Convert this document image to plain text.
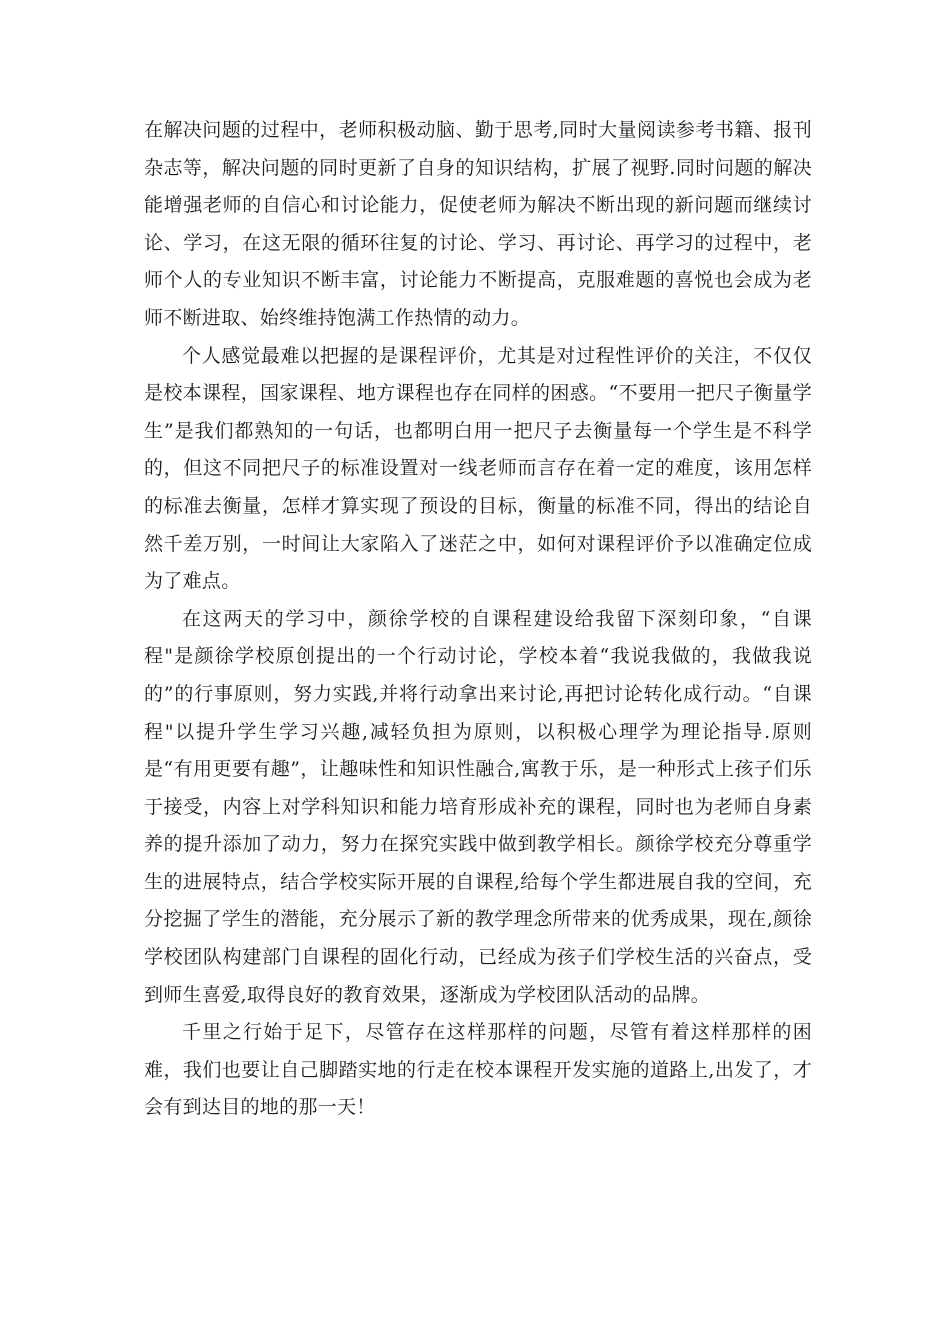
在解决问题的过程中，老师积极动脑、勤于思考,同时大量阅读参考书籍、报刊杂志等，解决问题的同时更新了自身的知识结构，扩展了视野.同时问题的解决能增强老师的自信心和讨论能力，促使老师为解决不断出现的新问题而继续讨论、学习，在这无限的循环往复的讨论、学习、再讨论、再学习的过程中，老师个人的专业知识不断丰富，讨论能力不断提高，克服难题的喜悦也会成为老师不断进取、始终维持饱满工作热情的动力。

个人感觉最难以把握的是课程评价，尤其是对过程性评价的关注，不仅仅是校本课程，国家课程、地方课程也存在同样的困惑。“不要用一把尺子衡量学生”是我们都熟知的一句话，也都明白用一把尺子去衡量每一个学生是不科学的，但这不同把尺子的标准设置对一线老师而言存在着一定的难度，该用怎样的标准去衡量，怎样才算实现了预设的目标，衡量的标准不同，得出的结论自然千差万别，一时间让大家陷入了迷茫之中，如何对课程评价予以准确定位成为了难点。

在这两天的学习中，颜徐学校的自课程建设给我留下深刻印象，“自课程"是颜徐学校原创提出的一个行动讨论，学校本着“我说我做的，我做我说的”的行事原则，努力实践,并将行动拿出来讨论,再把讨论转化成行动。“自课程"以提升学生学习兴趣,减轻负担为原则，以积极心理学为理论指导.原则是“有用更要有趣”，让趣味性和知识性融合,寓教于乐，是一种形式上孩子们乐于接受，内容上对学科知识和能力培育形成补充的课程，同时也为老师自身素养的提升添加了动力，努力在探究实践中做到教学相长。颜徐学校充分尊重学生的进展特点，结合学校实际开展的自课程,给每个学生都进展自我的空间，充分挖掘了学生的潜能，充分展示了新的教学理念所带来的优秀成果，现在,颜徐学校团队构建部门自课程的固化行动，已经成为孩子们学校生活的兴奋点，受到师生喜爱,取得良好的教育效果，逐渐成为学校团队活动的品牌。

千里之行始于足下，尽管存在这样那样的问题，尽管有着这样那样的困难，我们也要让自己脚踏实地的行走在校本课程开发实施的道路上,出发了，才会有到达目的地的那一天！
